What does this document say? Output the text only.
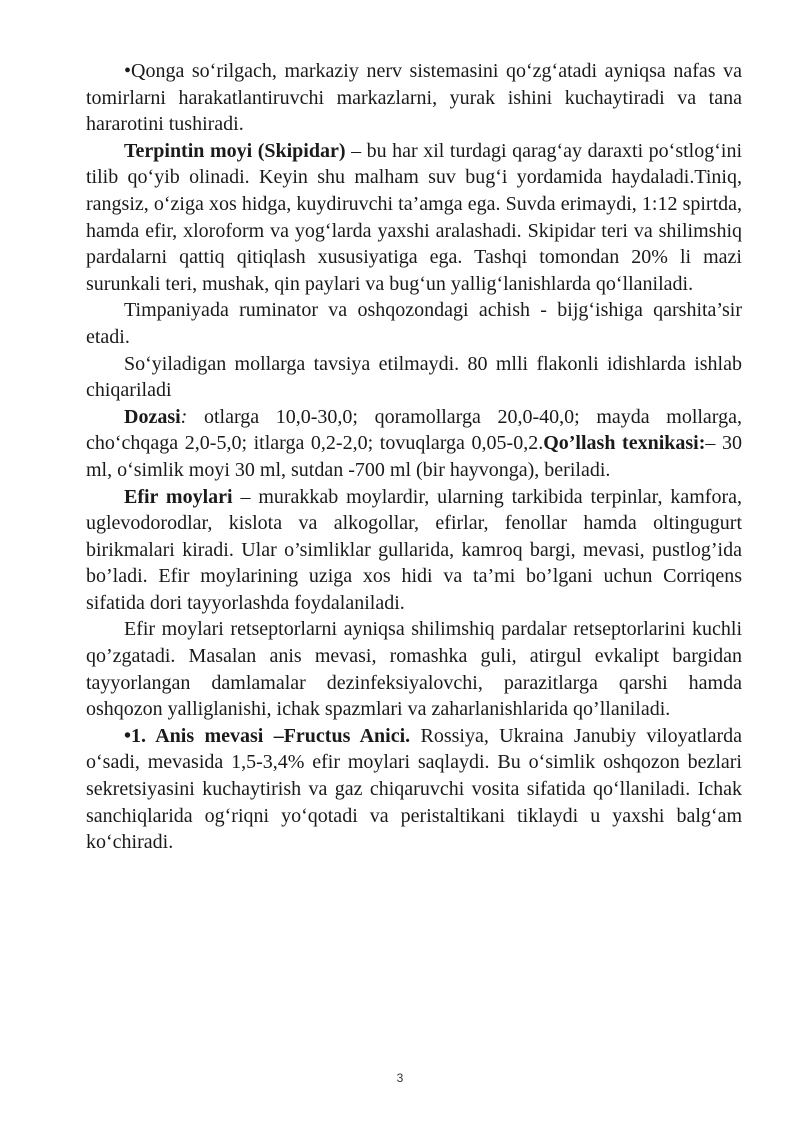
•Qonga so‘rilgach, markaziy nerv sistemasini qo‘zg‘atadi ayniqsa nafas va tomirlarni harakatlantiruvchi markazlarni, yurak ishini kuchaytiradi va tana hararotini tushiradi.

Terpintin moyi (Skipidar) – bu har xil turdagi qarag‘ay daraxti po‘stlog‘ini tilib qo‘yib olinadi. Keyin shu malham suv bug‘i yordamida haydaladi.Tiniq, rangsiz, o‘ziga xos hidga, kuydiruvchi ta’amga ega. Suvda erimaydi, 1:12 spirtda, hamda efir, xloroform va yog‘larda yaxshi aralashadi. Skipidar teri va shilimshiq pardalarni qattiq qitiqlash xususiyatiga ega. Tashqi tomondan 20% li mazi surunkali teri, mushak, qin paylari va bug‘un yallig‘lanishlarda qo‘llaniladi.

Timpaniyada ruminator va oshqozondagi achish - bijg‘ishiga qarshita’sir etadi.

So‘yiladigan mollarga tavsiya etilmaydi. 80 mlli flakonli idishlarda ishlab chiqariladi

Dozasi: otlarga 10,0-30,0; qoramollarga 20,0-40,0; mayda mollarga, cho‘chqaga 2,0-5,0; itlarga 0,2-2,0; tovuqlarga 0,05-0,2.Qo’llash texnikasi:– 30 ml, o‘simlik moyi 30 ml, sutdan -700 ml (bir hayvonga), beriladi.

Efir moylari – murakkab moylardir, ularning tarkibida terpinlar, kamfora, uglevodorodlar, kislota va alkogollar, efirlar, fenollar hamda oltingugurt birikmalari kiradi. Ular o’simliklar gullarida, kamroq bargi, mevasi, pustlog’ida bo’ladi. Efir moylarining uziga xos hidi va ta’mi bo’lgani uchun Corriqens sifatida dori tayyorlashda foydalaniladi.

Efir moylari retseptorlarni ayniqsa shilimshiq pardalar retseptorlarini kuchli qo’zgatadi. Masalan anis mevasi, romashka guli, atirgul evkalipt bargidan tayyorlangan damlamalar dezinfeksiyalovchi, parazitlarga qarshi hamda oshqozon yalliglanishi, ichak spazmlari va zaharlanishlarida qo’llaniladi.

•1. Anis mevasi –Fructus Anici. Rossiya, Ukraina Janubiy viloyatlarda o‘sadi, mevasida 1,5-3,4% efir moylari saqlaydi. Bu o‘simlik oshqozon bezlari sekretsiyasini kuchaytirish va gaz chiqaruvchi vosita sifatida qo‘llaniladi. Ichak sanchiqlarida og‘riqni yo‘qotadi va peristaltikani tiklaydi u yaxshi balg‘am ko‘chiradi.

3
